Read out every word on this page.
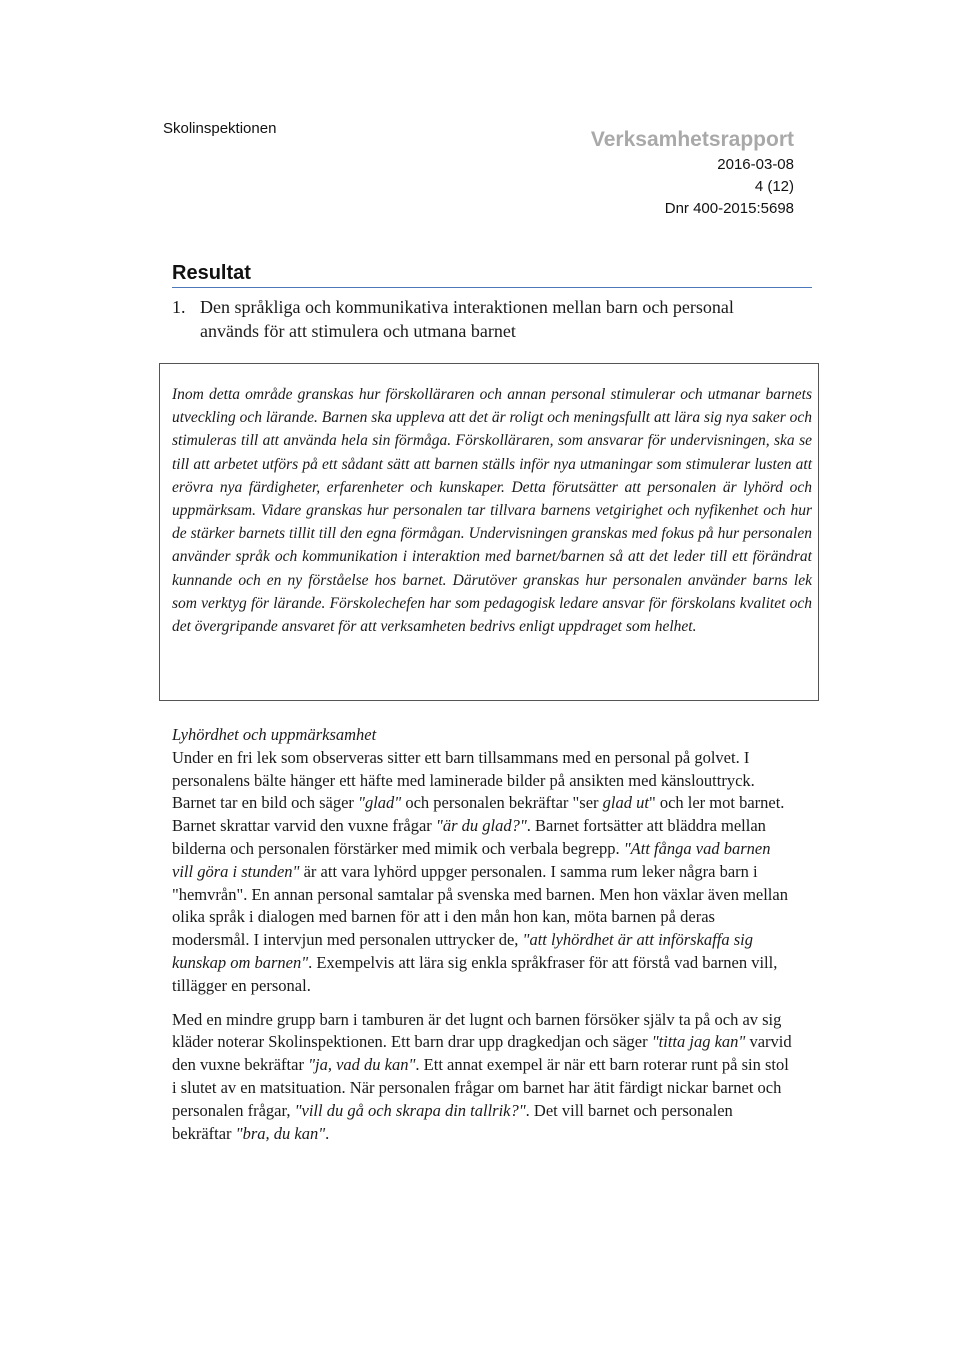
Skolinspektionen	Verksamhetsrapport
2016-03-08
4 (12)
Dnr 400-2015:5698
Resultat
1. Den språkliga och kommunikativa interaktionen mellan barn och personal används för att stimulera och utmana barnet
Inom detta område granskas hur förskolläraren och annan personal stimulerar och utmanar barnets utveckling och lärande. Barnen ska uppleva att det är roligt och meningsfullt att lära sig nya saker och stimuleras till att använda hela sin förmåga. Förskolläraren, som ansvarar för undervisningen, ska se till att arbetet utförs på ett sådant sätt att barnen ställs inför nya utmaningar som stimulerar lusten att erövra nya färdigheter, erfarenheter och kunskaper. Detta förutsätter att personalen är lyhörd och uppmärksam. Vidare granskas hur personalen tar tillvara barnens vetgirighet och nyfikenhet och hur de stärker barnets tillit till den egna förmågan. Undervisningen granskas med fokus på hur personalen använder språk och kommunikation i interaktion med barnet/barnen så att det leder till ett förändrat kunnande och en ny förståelse hos barnet. Därutöver granskas hur personalen använder barns lek som verktyg för lärande. Förskolechefen har som pedagogisk ledare ansvar för förskolans kvalitet och det övergripande ansvaret för att verksamheten bedrivs enligt uppdraget som helhet.

Lyhördhet och uppmärksamhet

Under en fri lek som observeras sitter ett barn tillsammans med en personal på golvet. I personalens bälte hänger ett häfte med laminerade bilder på ansikten med känslouttryck. Barnet tar en bild och säger "glad" och personalen bekräftar "ser glad ut" och ler mot barnet. Barnet skrattar varvid den vuxne frågar "är du glad?". Barnet fortsätter att bläddra mellan bilderna och personalen förstärker med mimik och verbala begrepp. "Att fånga vad barnen vill göra i stunden" är att vara lyhörd uppger personalen. I samma rum leker några barn i "hemvrån". En annan personal samtalar på svenska med barnen. Men hon växlar även mellan olika språk i dialogen med barnen för att i den mån hon kan, möta barnen på deras modersmål. I intervjun med personalen uttrycker de, "att lyhördhet är att införskaffa sig kunskap om barnen". Exempelvis att lära sig enkla språkfraser för att förstå vad barnen vill, tillägger en personal.

Med en mindre grupp barn i tamburen är det lugnt och barnen försöker själv ta på och av sig kläder noterar Skolinspektionen. Ett barn drar upp dragkedjan och säger "titta jag kan" varvid den vuxne bekräftar "ja, vad du kan". Ett annat exempel är när ett barn roterar runt på sin stol i slutet av en matsituation. När personalen frågar om barnet har ätit färdigt nickar barnet och personalen frågar, "vill du gå och skrapa din tallrik?". Det vill barnet och personalen bekräftar "bra, du kan".
